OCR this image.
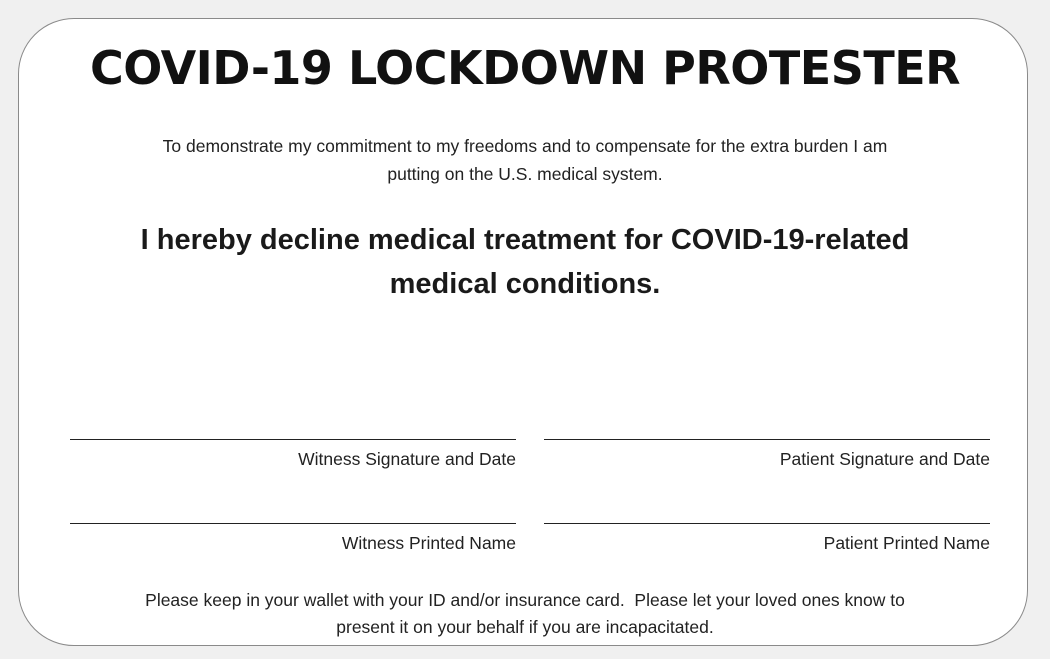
COVID-19 LOCKDOWN PROTESTER

To demonstrate my commitment to my freedoms and to compensate for the extra burden I am
putting on the U.S. medical system.

I hereby decline medical treatment for COVID-19-related
medical conditions.

Witness Signature and Date	Patient Signature and Date
Witness Printed Name	Patient Printed Name

Please keep in your wallet with your ID and/or insurance card.  Please let your loved ones know to
present it on your behalf if you are incapacitated.
